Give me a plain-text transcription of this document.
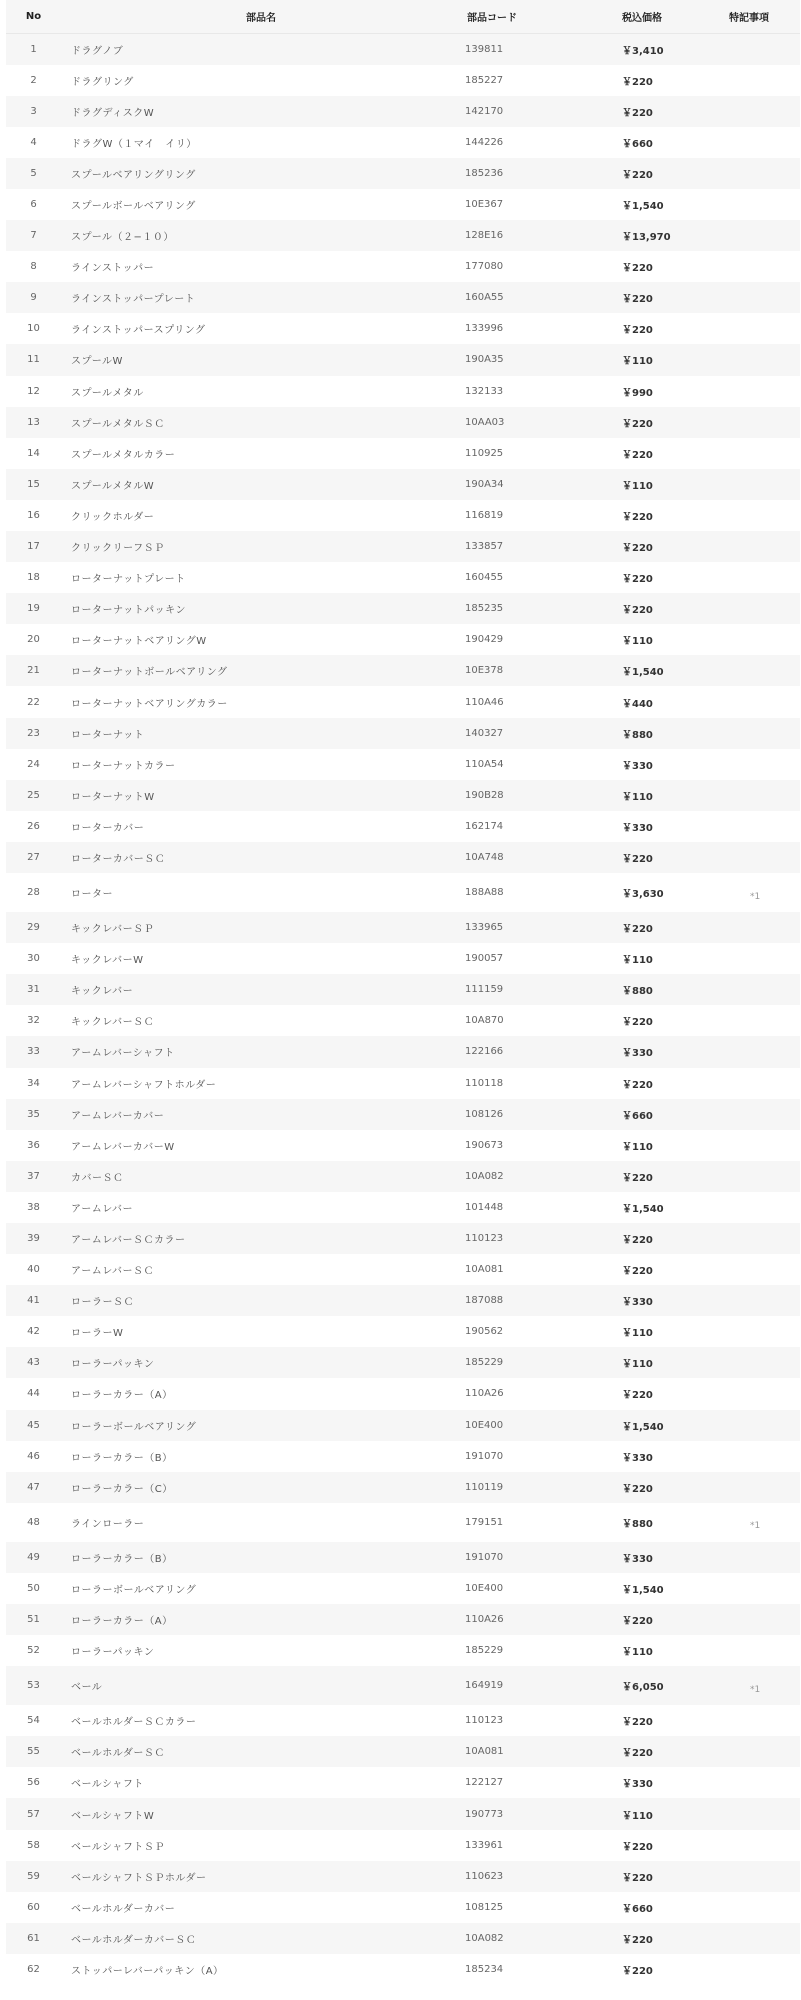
No	部品名	部品コード	税込価格	特記事項
1	ドラグノブ	139811	￥3,410	
2	ドラグリング	185227	￥220	
3	ドラグディスクW	142170	￥220	
4	ドラグW（１マイ　イリ）	144226	￥660	
5	スプールベアリングリング	185236	￥220	
6	スプールボールベアリング	10E367	￥1,540	
7	スプール（２−１０）	128E16	￥13,970	
8	ラインストッパー	177080	￥220	
9	ラインストッパープレート	160A55	￥220	
10	ラインストッパースプリング	133996	￥220	
11	スプールW	190A35	￥110	
12	スプールメタル	132133	￥990	
13	スプールメタルＳＣ	10AA03	￥220	
14	スプールメタルカラー	110925	￥220	
15	スプールメタルW	190A34	￥110	
16	クリックホルダー	116819	￥220	
17	クリックリーフＳＰ	133857	￥220	
18	ローターナットプレート	160455	￥220	
19	ローターナットパッキン	185235	￥220	
20	ローターナットベアリングW	190429	￥110	
21	ローターナットボールベアリング	10E378	￥1,540	
22	ローターナットベアリングカラー	110A46	￥440	
23	ローターナット	140327	￥880	
24	ローターナットカラー	110A54	￥330	
25	ローターナットW	190B28	￥110	
26	ローターカバー	162174	￥330	
27	ローターカバーＳＣ	10A748	￥220	
28	ローター	188A88	￥3,630	*1
29	キックレバーＳＰ	133965	￥220	
30	キックレバーW	190057	￥110	
31	キックレバー	111159	￥880	
32	キックレバーＳＣ	10A870	￥220	
33	アームレバーシャフト	122166	￥330	
34	アームレバーシャフトホルダー	110118	￥220	
35	アームレバーカバー	108126	￥660	
36	アームレバーカバーW	190673	￥110	
37	カバーＳＣ	10A082	￥220	
38	アームレバー	101448	￥1,540	
39	アームレバーＳＣカラー	110123	￥220	
40	アームレバーＳＣ	10A081	￥220	
41	ローラーＳＣ	187088	￥330	
42	ローラーW	190562	￥110	
43	ローラーパッキン	185229	￥110	
44	ローラーカラー（A）	110A26	￥220	
45	ローラーボールベアリング	10E400	￥1,540	
46	ローラーカラー（B）	191070	￥330	
47	ローラーカラー（C）	110119	￥220	
48	ラインローラー	179151	￥880	*1
49	ローラーカラー（B）	191070	￥330	
50	ローラーボールベアリング	10E400	￥1,540	
51	ローラーカラー（A）	110A26	￥220	
52	ローラーパッキン	185229	￥110	
53	ベール	164919	￥6,050	*1
54	ベールホルダーＳＣカラー	110123	￥220	
55	ベールホルダーＳＣ	10A081	￥220	
56	ベールシャフト	122127	￥330	
57	ベールシャフトW	190773	￥110	
58	ベールシャフトＳＰ	133961	￥220	
59	ベールシャフトＳＰホルダー	110623	￥220	
60	ベールホルダーカバー	108125	￥660	
61	ベールホルダーカバーＳＣ	10A082	￥220	
62	ストッパーレバーパッキン（A）	185234	￥220	
